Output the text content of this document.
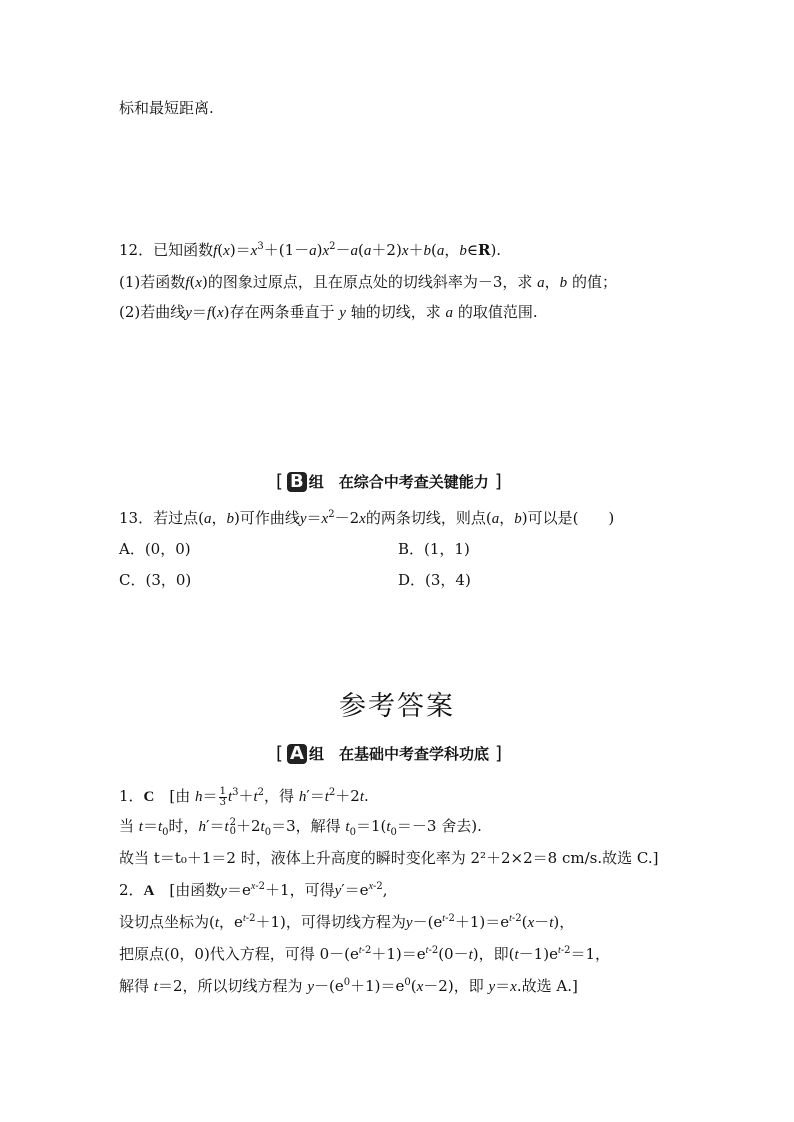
标和最短距离.
12．已知函数$f(x)=x^3+(1-a)x^2-a(a+2)x+b(a$，b∈R).
(1)若函数f(x)的图象过原点，且在原点处的切线斜率为－3，求 a，b 的值；
(2)若曲线y＝f(x)存在两条垂直于 y 轴的切线，求 a 的取值范围.
[ B 组　在综合中考查关键能力 ]
13．若过点(a，b)可作曲线$y=x^2-2x$的两条切线，则点(a，b)可以是(　　)
A．(0，0)	B．(1，1)
C．(3，0)	D．(3，4)
参考答案
[ A 组　在基础中考查学科功底 ]
1．C　 [由 $h= \frac{1}{3} t^3+t^2$，得 $h'=t^2+2t$.
当 $t=t_0$时，h′＝t 2
$0 +2t_0=3$，解得 $t_0=1(t_0=-3$ 舍去).
故当 t＝t₀＋1＝2 时，液体上升高度的瞬时变化率为 2²＋2×2＝8 cm/s.故选 C.]
2．A　 [由函数$y=e^{x-2}+1$，可得$y'=e^{x-2}$,
设切点坐标为(t，$e^{t-2}+1$)，可得切线方程为$y-(e^{t-2}+1)=e^{t-2}(x-t)$，
把原点(0，0)代入方程，可得 $0-(e^{t-2}+1)=e^{t-2}(0-t)$，即$(t-1)e^{t-2}=1$，
解得 t＝2，所以切线方程为 $y-(e^0+1)=e^0(x-2)$，即 y＝x.故选 A.]
